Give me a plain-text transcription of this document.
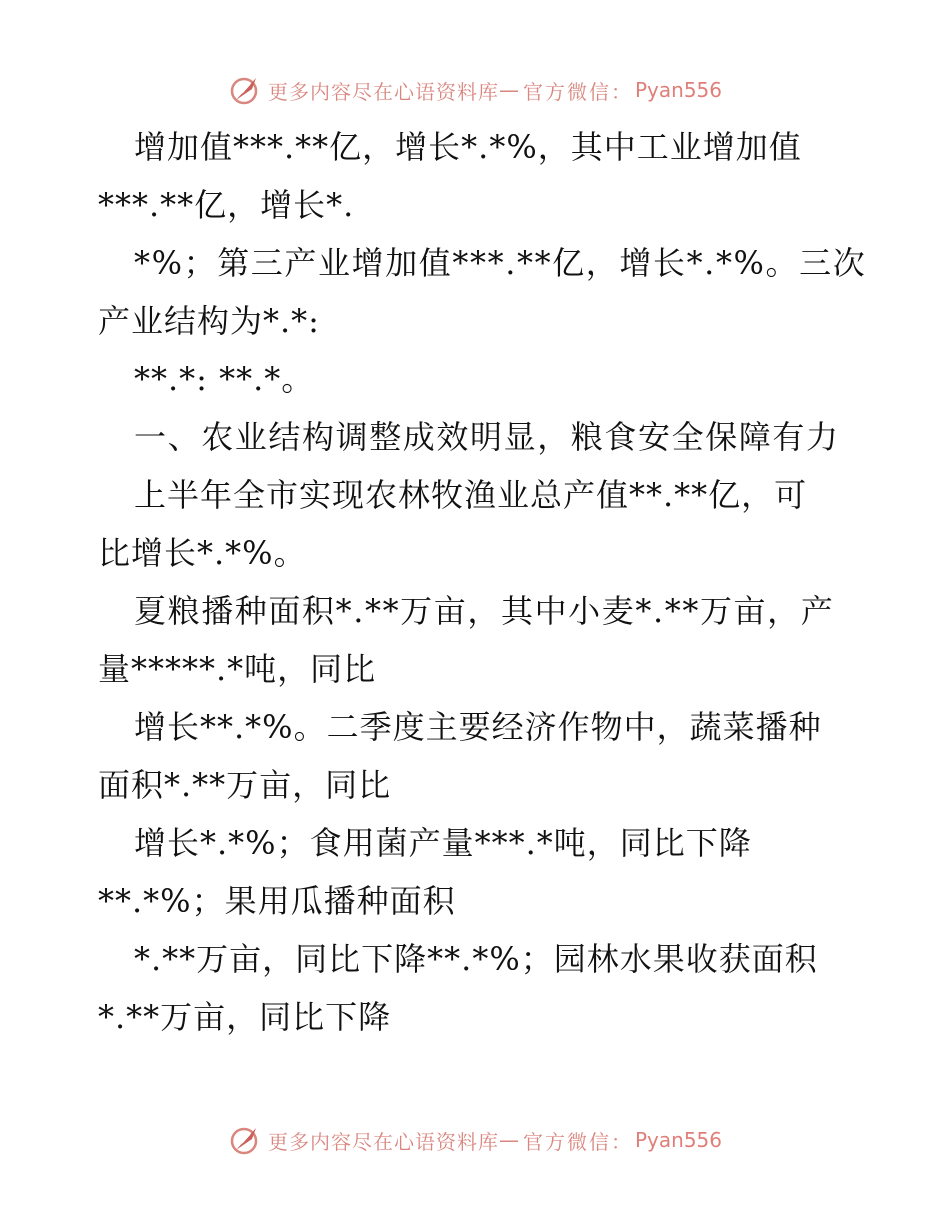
更多内容尽在心语资料库 — 官方微信： Pyan556
增加值***.**亿，增长*.*%，其中工业增加值
***.**亿，增长*.
*%；第三产业增加值***.**亿，增长*.*%。三次
产业结构为*.*:
**.*: **.*。
一、农业结构调整成效明显，粮食安全保障有力
上半年全市实现农林牧渔业总产值**.**亿，可
比增长*.*%。
夏粮播种面积*.**万亩，其中小麦*.**万亩，产
量*****.*吨，同比
增长**.*%。二季度主要经济作物中，蔬菜播种
面积*.**万亩，同比
增长*.*%；食用菌产量***.*吨，同比下降
**.*%；果用瓜播种面积
*.**万亩，同比下降**.*%；园林水果收获面积
*.**万亩，同比下降
更多内容尽在心语资料库 — 官方微信： Pyan556
